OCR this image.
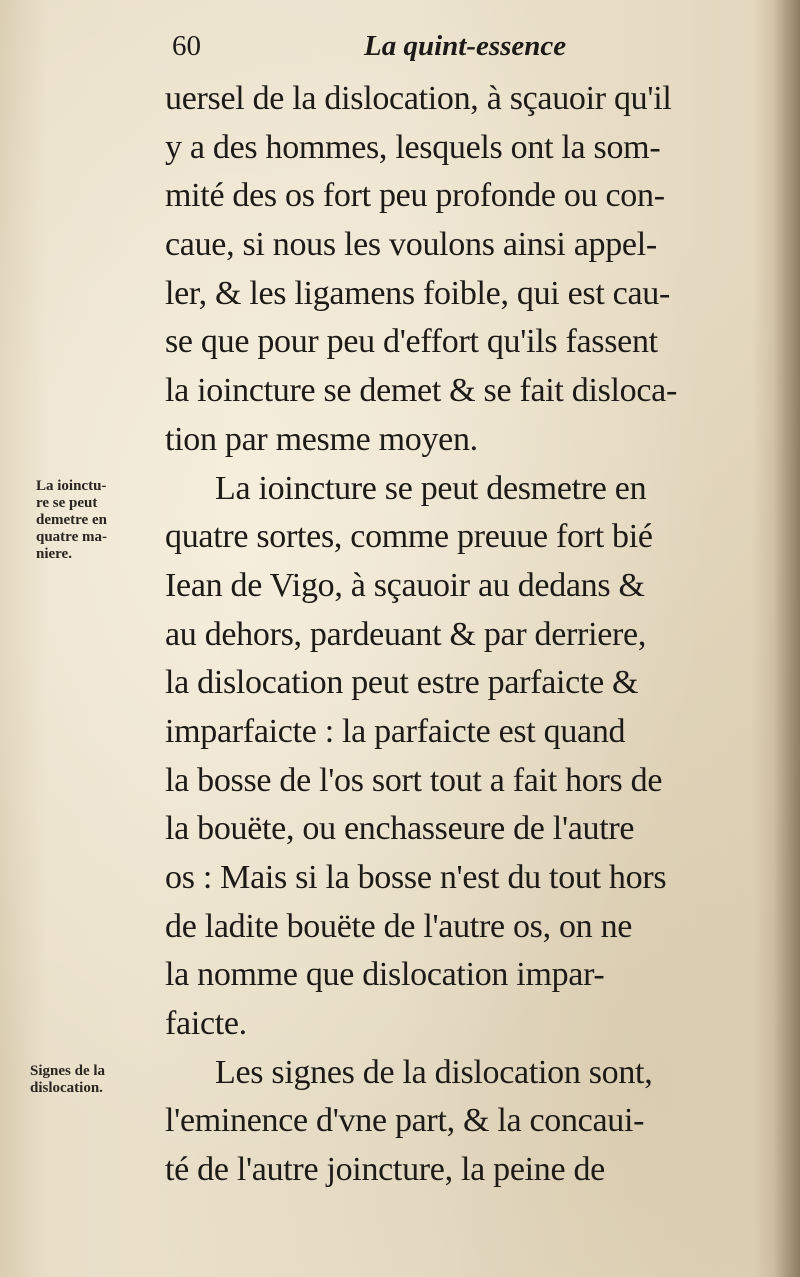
60	La quint-essence
uersel de la dislocation, à sçauoir qu'il
y a des hommes, lesquels ont la som-
mité des os fort peu profonde ou con-
caue, si nous les voulons ainsi appel-
ler, & les ligamens foible, qui est cau-
se que pour peu d'effort qu'ils fassent
la ioincture se demet & se fait disloca-
tion par mesme moyen.
La ioincture se peut desmetre en
quatre sortes, comme preuue fort bié
Iean de Vigo, à sçauoir au dedans &
au dehors, pardeuant & par derriere,
la dislocation peut estre parfaicte &
imparfaicte : la parfaicte est quand
la bosse de l'os sort tout a fait hors de
la bouëte, ou enchasseure de l'autre
os : Mais si la bosse n'est du tout hors
de ladite bouëte de l'autre os, on ne
la nomme que dislocation impar-
faicte.
Les signes de la dislocation sont,
l'eminence d'vne part, & la concaui-
té de l'autre joincture, la peine de
La ioinctu-
re se peut
demetre en
quatre ma-
niere.
Signes de la
dislocation.
